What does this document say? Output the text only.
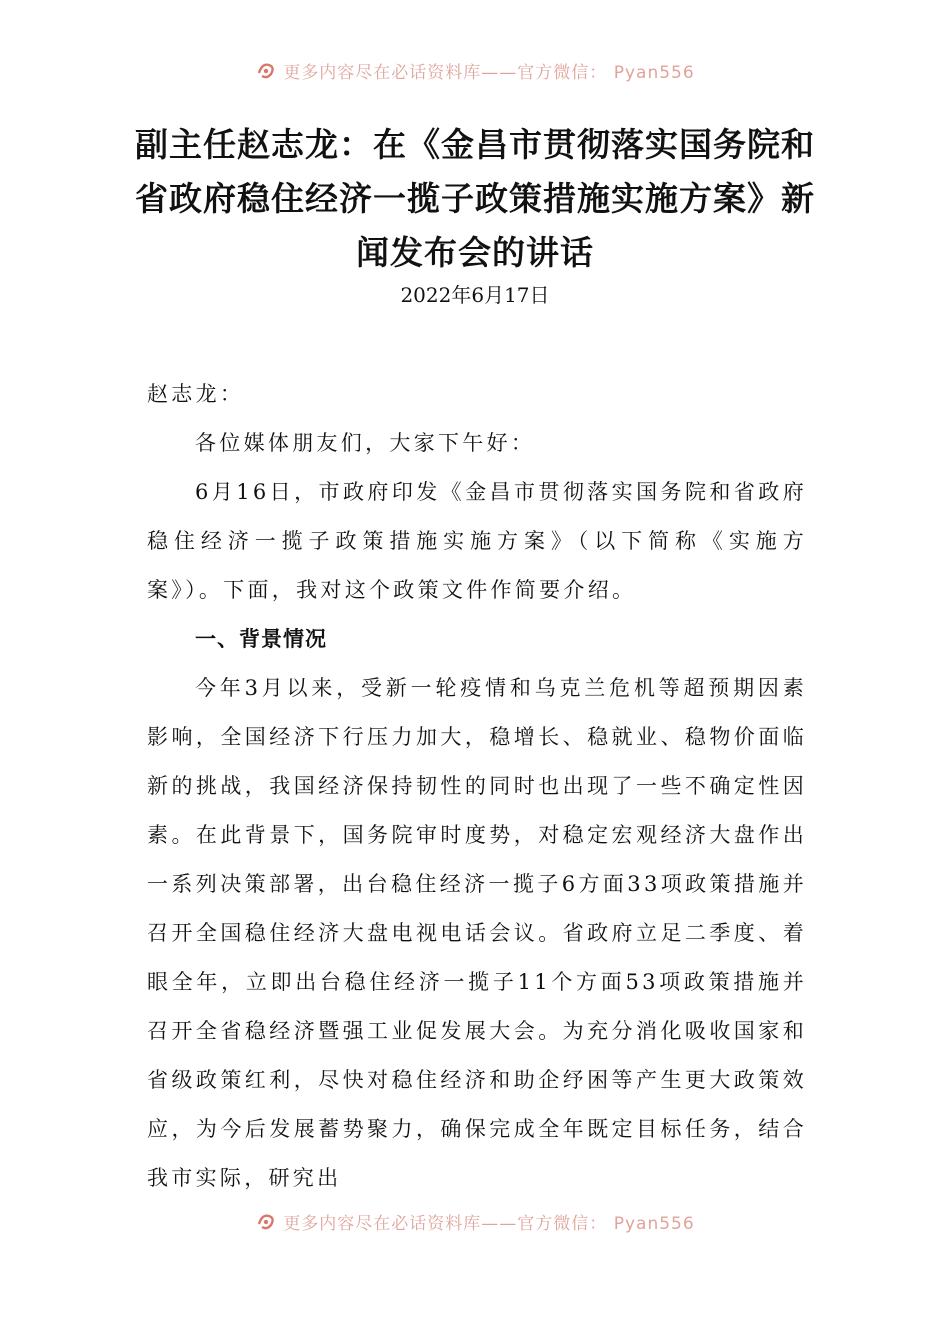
更多内容尽在必话资料库——官方微信： Pyan556
副主任赵志龙：在《金昌市贯彻落实国务院和省政府稳住经济一揽子政策措施实施方案》新闻发布会的讲话
2022年6月17日

赵志龙：

各位媒体朋友们，大家下午好：

6月16日，市政府印发《金昌市贯彻落实国务院和省政府稳住经济一揽子政策措施实施方案》（以下简称《实施方案》）。下面，我对这个政策文件作简要介绍。

一、背景情况

今年3月以来，受新一轮疫情和乌克兰危机等超预期因素影响，全国经济下行压力加大，稳增长、稳就业、稳物价面临新的挑战，我国经济保持韧性的同时也出现了一些不确定性因素。在此背景下，国务院审时度势，对稳定宏观经济大盘作出一系列决策部署，出台稳住经济一揽子6方面33项政策措施并召开全国稳住经济大盘电视电话会议。省政府立足二季度、着眼全年，立即出台稳住经济一揽子11个方面53项政策措施并召开全省稳经济暨强工业促发展大会。为充分消化吸收国家和省级政策红利，尽快对稳住经济和助企纾困等产生更大政策效应，为今后发展蓄势聚力，确保完成全年既定目标任务，结合我市实际，研究出

更多内容尽在必话资料库——官方微信： Pyan556
